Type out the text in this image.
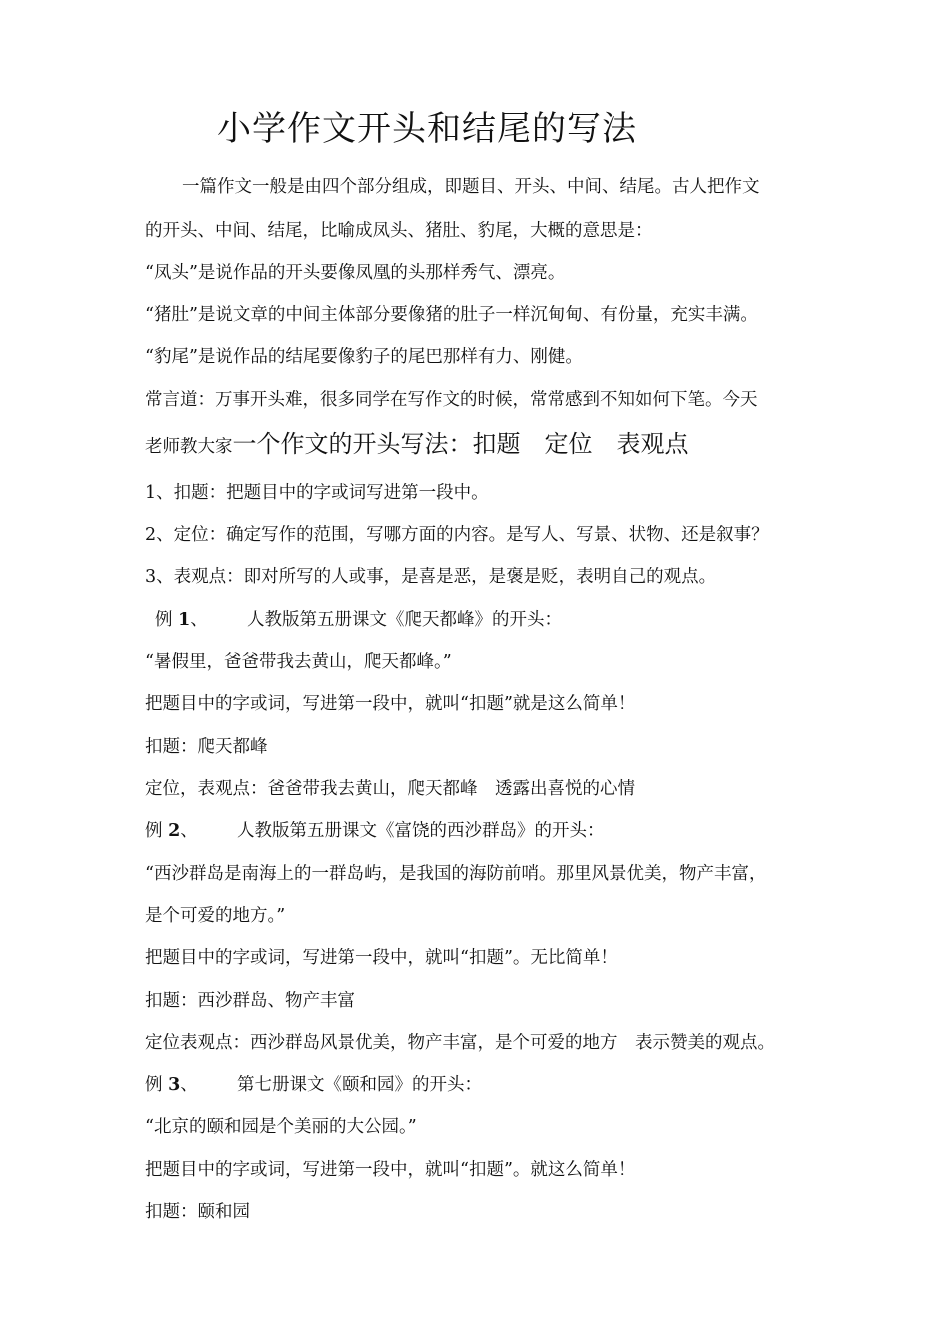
小学作文开头和结尾的写法
一篇作文一般是由四个部分组成，即题目、开头、中间、结尾。古人把作文
的开头、中间、结尾，比喻成凤头、猪肚、豹尾，大概的意思是：
“凤头”是说作品的开头要像凤凰的头那样秀气、漂亮。
“猪肚”是说文章的中间主体部分要像猪的肚子一样沉甸甸、有份量，充实丰满。
“豹尾”是说作品的结尾要像豹子的尾巴那样有力、刚健。
常言道：万事开头难，很多同学在写作文的时候，常常感到不知如何下笔。今天
老师教大家一个作文的开头写法：扣题　定位　表观点
1、扣题：把题目中的字或词写进第一段中。
2、定位：确定写作的范围，写哪方面的内容。是写人、写景、状物、还是叙事？
3、表观点：即对所写的人或事，是喜是恶，是褒是贬，表明自己的观点。
例 1、 人教版第五册课文《爬天都峰》的开头：
“暑假里，爸爸带我去黄山，爬天都峰。”
把题目中的字或词，写进第一段中，就叫“扣题”就是这么简单！
扣题：爬天都峰
定位，表观点：爸爸带我去黄山，爬天都峰　透露出喜悦的心情
例 2、 人教版第五册课文《富饶的西沙群岛》的开头：
“西沙群岛是南海上的一群岛屿，是我国的海防前哨。那里风景优美，物产丰富，
是个可爱的地方。”
把题目中的字或词，写进第一段中，就叫“扣题”。无比简单！
扣题：西沙群岛、物产丰富
定位表观点：西沙群岛风景优美，物产丰富，是个可爱的地方　表示赞美的观点。
例 3、 第七册课文《颐和园》的开头：
“北京的颐和园是个美丽的大公园。”
把题目中的字或词，写进第一段中，就叫“扣题”。就这么简单！
扣题：颐和园
